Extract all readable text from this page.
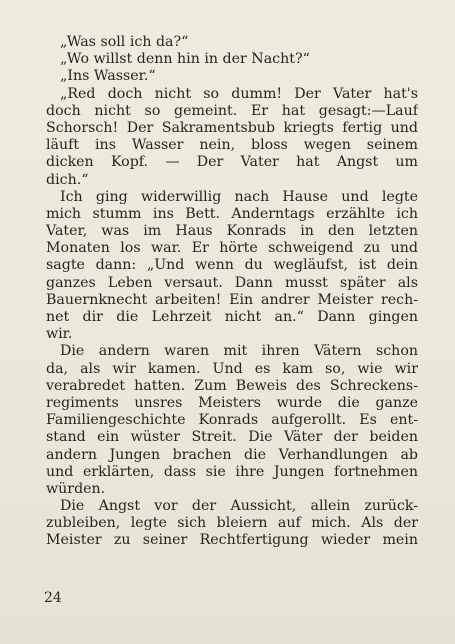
„Was soll ich da?“
„Wo willst denn hin in der Nacht?“
„Ins Wasser.“
„Red doch nicht so dumm! Der Vater hat's
doch nicht so gemeint. Er hat gesagt:—Lauf
Schorsch! Der Sakramentsbub kriegts fertig und
läuft ins Wasser nein, bloss wegen seinem
dicken Kopf. — Der Vater hat Angst um
dich.“
Ich ging widerwillig nach Hause und legte
mich stumm ins Bett. Anderntags erzählte ich
Vater, was im Haus Konrads in den letzten
Monaten los war. Er hörte schweigend zu und
sagte dann: „Und wenn du wegläufst, ist dein
ganzes Leben versaut. Dann musst später als
Bauernknecht arbeiten! Ein andrer Meister rech-
net dir die Lehrzeit nicht an.“ Dann gingen
wir.
Die andern waren mit ihren Vätern schon
da, als wir kamen. Und es kam so, wie wir
verabredet hatten. Zum Beweis des Schreckens-
regiments unsres Meisters wurde die ganze
Familiengeschichte Konrads aufgerollt. Es ent-
stand ein wüster Streit. Die Väter der beiden
andern Jungen brachen die Verhandlungen ab
und erklärten, dass sie ihre Jungen fortnehmen
würden.
Die Angst vor der Aussicht, allein zurück-
zubleiben, legte sich bleiern auf mich. Als der
Meister zu seiner Rechtfertigung wieder mein
24
